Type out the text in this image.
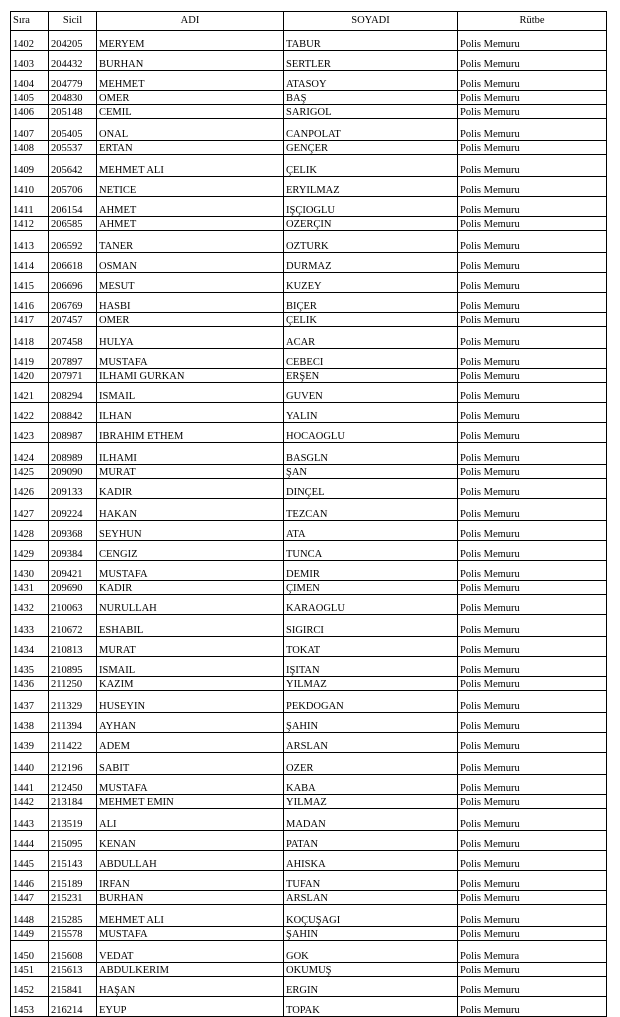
Sıra	Sicil	ADI	SOYADI	Rütbe
1402	204205	MERYEM	TABUR	Polis Memuru
1403	204432	BURHAN	SERTLER	Polis Memuru
1404	204779	MEHMET	ATASOY	Polis Memuru
1405	204830	OMER	BAŞ	Polis Memuru
1406	205148	CEMIL	SARIGOL	Polis Memuru
1407	205405	ONAL	CANPOLAT	Polis Memuru
1408	205537	ERTAN	GENÇER	Polis Memuru
1409	205642	MEHMET ALI	ÇELIK	Polis Memuru
1410	205706	NETICE	ERYILMAZ	Polis Memuru
1411	206154	AHMET	IŞÇIOGLU	Polis Memuru
1412	206585	AHMET	OZERÇIN	Polis Memuru
1413	206592	TANER	OZTURK	Polis Memuru
1414	206618	OSMAN	DURMAZ	Polis Memuru
1415	206696	MESUT	KUZEY	Polis Memuru
1416	206769	HASBI	BIÇER	Polis Memuru
1417	207457	OMER	ÇELIK	Polis Memuru
1418	207458	HULYA	ACAR	Polis Memuru
1419	207897	MUSTAFA	CEBECI	Polis Memuru
1420	207971	ILHAMI GURKAN	ERŞEN	Polis Memuru
1421	208294	ISMAIL	GUVEN	Polis Memuru
1422	208842	ILHAN	YALIN	Polis Memuru
1423	208987	IBRAHIM ETHEM	HOCAOGLU	Polis Memuru
1424	208989	ILHAMI	BASGLN	Polis Memuru
1425	209090	MURAT	ŞAN	Polis Memuru
1426	209133	KADIR	DINÇEL	Polis Memuru
1427	209224	HAKAN	TEZCAN	Polis Memuru
1428	209368	SEYHUN	ATA	Polis Memuru
1429	209384	CENGIZ	TUNCA	Polis Memuru
1430	209421	MUSTAFA	DEMIR	Polis Memuru
1431	209690	KADIR	ÇIMEN	Polis Memuru
1432	210063	NURULLAH	KARAOGLU	Polis Memuru
1433	210672	ESHABIL	SIGIRCI	Polis Memuru
1434	210813	MURAT	TOKAT	Polis Memuru
1435	210895	ISMAIL	IŞITAN	Polis Memuru
1436	211250	KAZIM	YILMAZ	Polis Memuru
1437	211329	HUSEYIN	PEKDOGAN	Polis Memuru
1438	211394	AYHAN	ŞAHIN	Polis Memuru
1439	211422	ADEM	ARSLAN	Polis Memuru
1440	212196	SABIT	OZER	Polis Memuru
1441	212450	MUSTAFA	KABA	Polis Memuru
1442	213184	MEHMET EMIN	YILMAZ	Polis Memuru
1443	213519	ALI	MADAN	Polis Memuru
1444	215095	KENAN	PATAN	Polis Memuru
1445	215143	ABDULLAH	AHISKA	Polis Memuru
1446	215189	IRFAN	TUFAN	Polis Memuru
1447	215231	BURHAN	ARSLAN	Polis Memuru
1448	215285	MEHMET ALI	KOÇUŞAGI	Polis Memuru
1449	215578	MUSTAFA	ŞAHIN	Polis Memuru
1450	215608	VEDAT	GOK	Polis Memura
1451	215613	ABDULKERIM	OKUMUŞ	Polis Memuru
1452	215841	HAŞAN	ERGIN	Polis Memuru
1453	216214	EYUP	TOPAK	Polis Memuru
